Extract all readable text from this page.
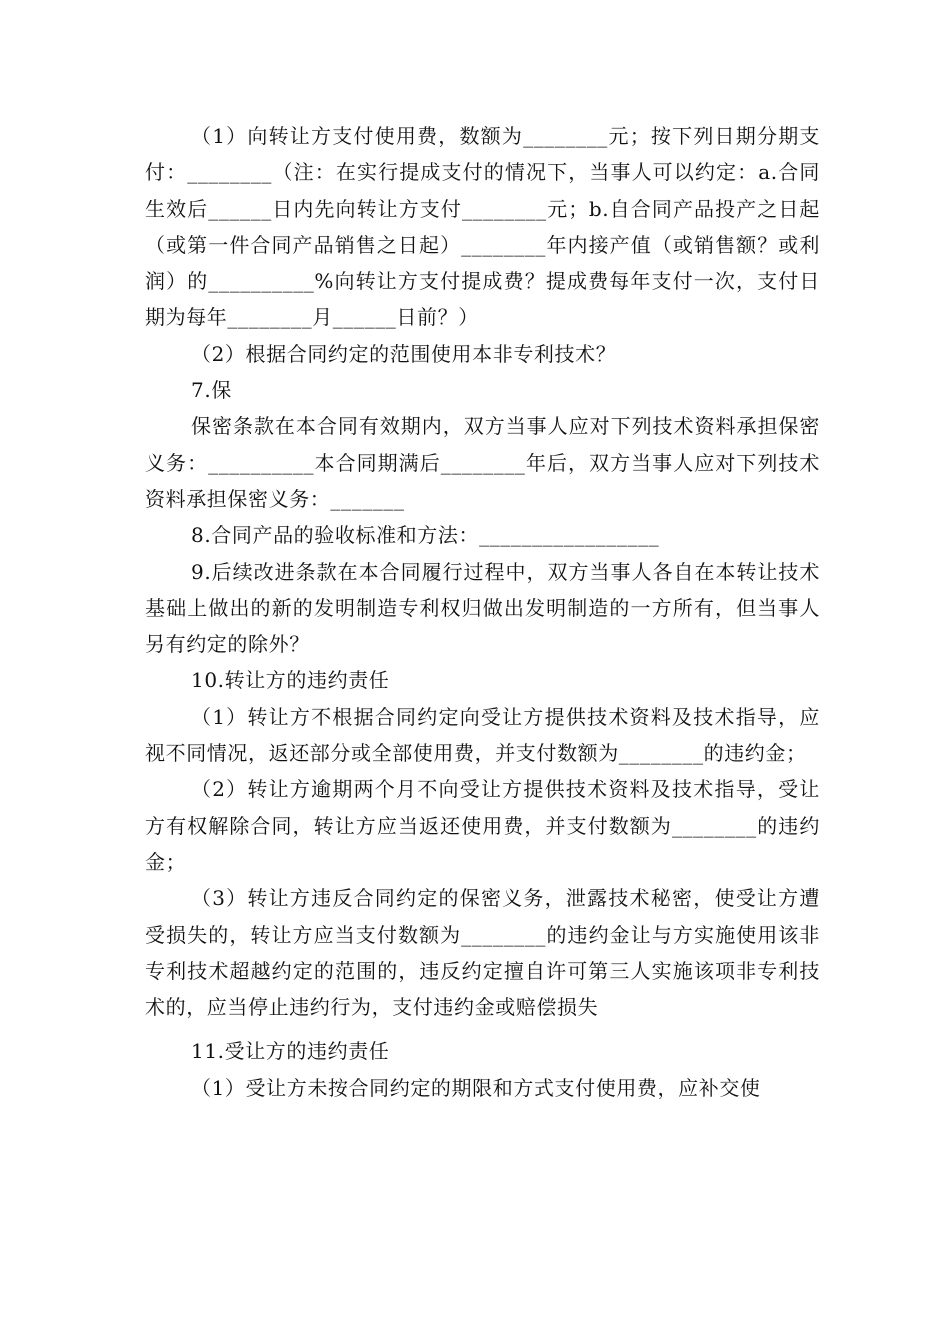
（1）向转让方支付使用费，数额为________元；按下列日期分期支付：________（注：在实行提成支付的情况下，当事人可以约定：a.合同生效后______日内先向转让方支付________元；b.自合同产品投产之日起（或第一件合同产品销售之日起）________年内接产值（或销售额？或利润）的__________%向转让方支付提成费？提成费每年支付一次，支付日期为每年________月______日前？）

（2）根据合同约定的范围使用本非专利技术？

7.保

保密条款在本合同有效期内，双方当事人应对下列技术资料承担保密义务：__________本合同期满后________年后，双方当事人应对下列技术资料承担保密义务：_______

8.合同产品的验收标准和方法：_________________

9.后续改进条款在本合同履行过程中，双方当事人各自在本转让技术基础上做出的新的发明制造专利权归做出发明制造的一方所有，但当事人另有约定的除外？

10.转让方的违约责任

（1）转让方不根据合同约定向受让方提供技术资料及技术指导，应视不同情况，返还部分或全部使用费，并支付数额为________的违约金；

（2）转让方逾期两个月不向受让方提供技术资料及技术指导，受让方有权解除合同，转让方应当返还使用费，并支付数额为________的违约金；

（3）转让方违反合同约定的保密义务，泄露技术秘密，使受让方遭受损失的，转让方应当支付数额为________的违约金让与方实施使用该非专利技术超越约定的范围的，违反约定擅自许可第三人实施该项非专利技术的，应当停止违约行为，支付违约金或赔偿损失

11.受让方的违约责任

（1）受让方未按合同约定的期限和方式支付使用费，应补交使
